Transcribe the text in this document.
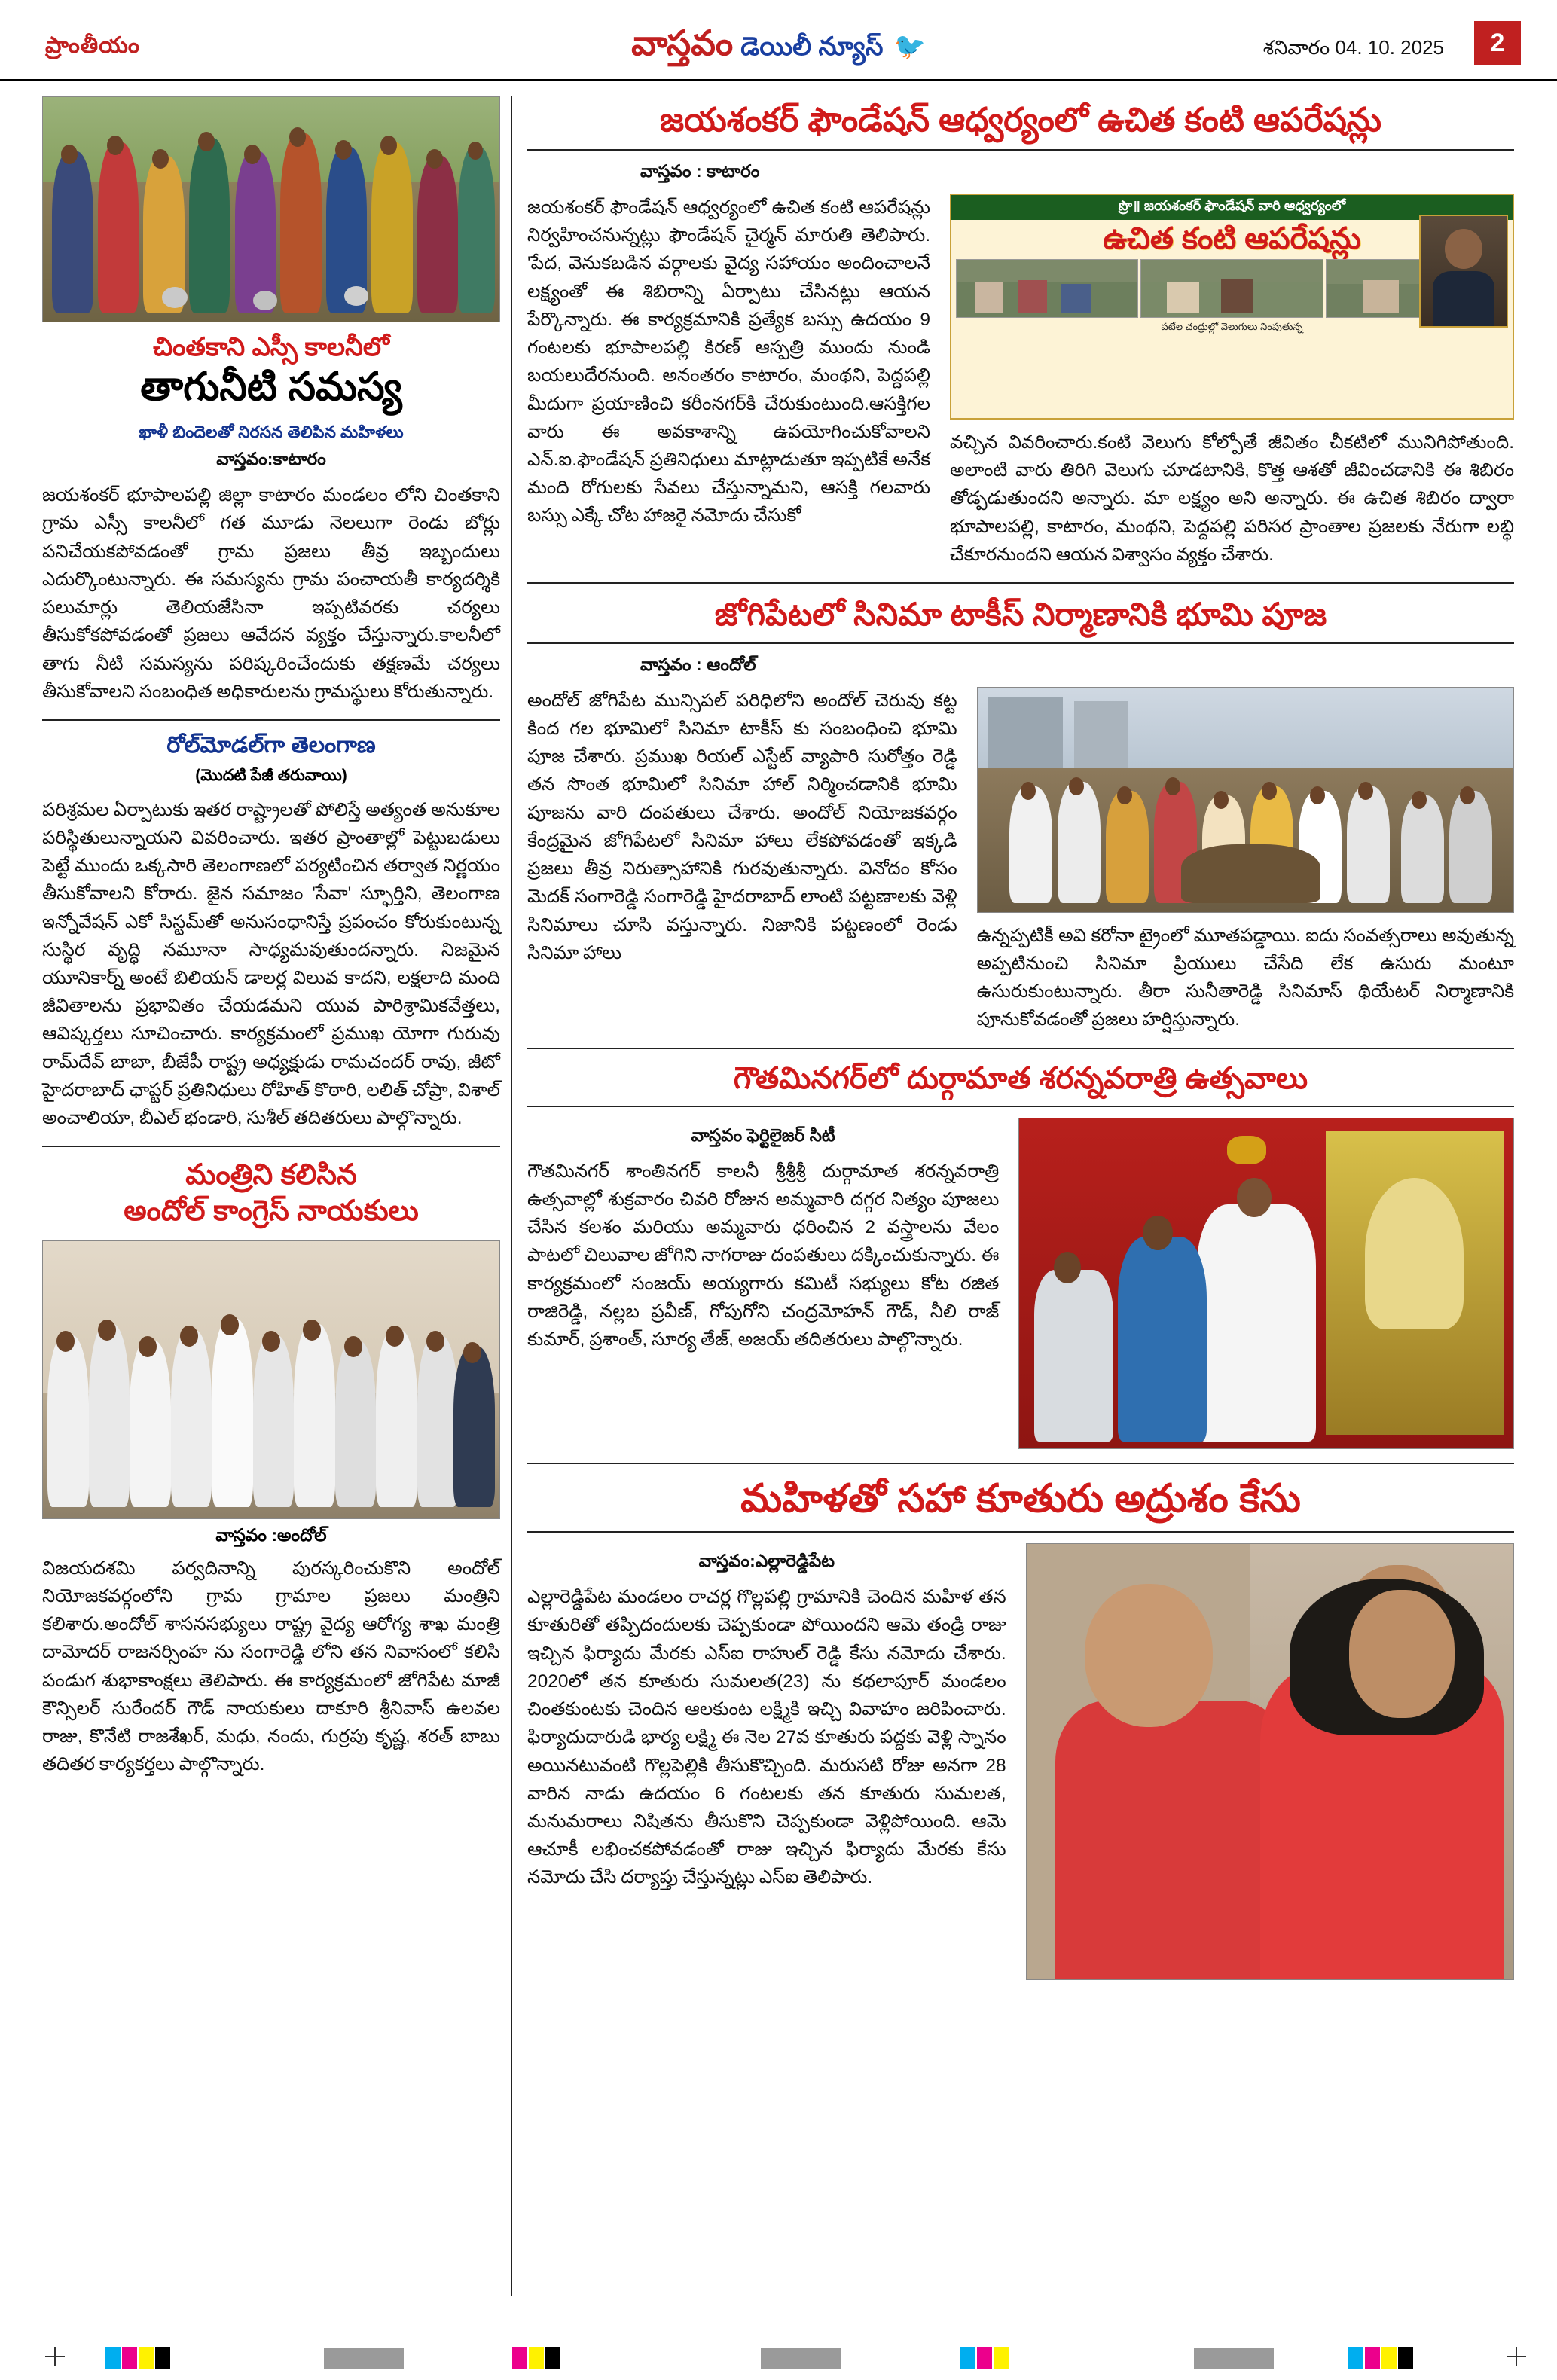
ప్రాంతీయం	వాస్తవం డెయిలీ న్యూస్ 🐦	శనివారం 04. 10. 2025	2
చింతకాని ఎస్సీ కాలనీలో
తాగునీటి సమస్య
ఖాళీ బిందెలతో నిరసన తెలిపిన మహిళలు
వాస్తవం:కాటారం
జయశంకర్ భూపాలపల్లి జిల్లా కాటారం మండలం లోని చింతకాని గ్రామ ఎస్సీ కాలనీలో గత మూడు నెలలుగా రెండు బోర్లు పనిచేయకపోవడంతో గ్రామ ప్రజలు తీవ్ర ఇబ్బందులు ఎదుర్కొంటున్నారు. ఈ సమస్యను గ్రామ పంచాయతీ కార్యదర్శికి పలుమార్లు తెలియజేసినా ఇప్పటివరకు చర్యలు తీసుకోకపోవడంతో ప్రజలు ఆవేదన వ్యక్తం చేస్తున్నారు.కాలనీలో తాగు నీటి సమస్యను పరిష్కరించేందుకు తక్షణమే చర్యలు తీసుకోవాలని సంబంధిత అధికారులను గ్రామస్థులు కోరుతున్నారు.
రోల్‌మోడల్‌గా తెలంగాణ
(మొదటి పేజీ తరువాయి)
పరిశ్రమల ఏర్పాటుకు ఇతర రాష్ట్రాలతో పోలిస్తే అత్యంత అనుకూల పరిస్థితులున్నాయని వివరించారు. ఇతర ప్రాంతాల్లో పెట్టుబడులు పెట్టే ముందు ఒక్కసారి తెలంగాణలో పర్యటించిన తర్వాత నిర్ణయం తీసుకోవాలని కోరారు. జైన సమాజం 'సేవా' స్ఫూర్తిని, తెలంగాణ ఇన్నోవేషన్ ఎకో సిస్టమ్‌తో అనుసంధానిస్తే ప్రపంచం కోరుకుంటున్న సుస్థిర వృద్ధి నమూనా సాధ్యమవుతుందన్నారు. నిజమైన యూనికార్న్ అంటే బిలియన్ డాలర్ల విలువ కాదని, లక్షలాది మంది జీవితాలను ప్రభావితం చేయడమని యువ పారిశ్రామికవేత్తలు, ఆవిష్కర్తలు సూచించారు. కార్యక్రమంలో ప్రముఖ యోగా గురువు రామ్‌దేవ్ బాబా, బీజేపీ రాష్ట్ర అధ్యక్షుడు రామచందర్ రావు, జీటో హైదరాబాద్ ఛాప్టర్ ప్రతినిధులు రోహిత్ కొఠారి, లలిత్ చోప్రా, విశాల్ అంచాలియా, బీఎల్ భండారి, సుశీల్ తదితరులు పాల్గొన్నారు.
మంత్రిని కలిసిన
అందోల్ కాంగ్రెస్ నాయకులు
వాస్తవం :అందోల్
విజయదశమి పర్వదినాన్ని పురస్కరించుకొని అందోల్ నియోజకవర్గంలోని గ్రామ గ్రామాల ప్రజలు మంత్రిని కలిశారు.అందోల్ శాసనసభ్యులు రాష్ట్ర వైద్య ఆరోగ్య శాఖ మంత్రి దామోదర్ రాజనర్సింహ ను సంగారెడ్డి లోని తన నివాసంలో కలిసి పండుగ శుభాకాంక్షలు తెలిపారు. ఈ కార్యక్రమంలో జోగిపేట మాజీ కౌన్సిలర్ సురేందర్ గౌడ్ నాయకులు దాకూరి శ్రీనివాస్ ఉలవల రాజు, కొనేటి రాజశేఖర్, మధు, నందు, గుర్రపు కృష్ణ, శరత్ బాబు తదితర కార్యకర్తలు పాల్గొన్నారు.
జయశంకర్ ఫౌండేషన్ ఆధ్వర్యంలో ఉచిత కంటి ఆపరేషన్లు
వాస్తవం : కాటారం
జయశంకర్ ఫౌండేషన్ ఆధ్వర్యంలో ఉచిత కంటి ఆపరేషన్లు నిర్వహించనున్నట్లు ఫౌండేషన్ చైర్మన్ మారుతి తెలిపారు. 'పేద, వెనుకబడిన వర్గాలకు వైద్య సహాయం అందించాలనే లక్ష్యంతో ఈ శిబిరాన్ని ఏర్పాటు చేసినట్లు ఆయన పేర్కొన్నారు. ఈ కార్యక్రమానికి ప్రత్యేక బస్సు ఉదయం 9 గంటలకు భూపాలపల్లి కిరణ్ ఆస్పత్రి ముందు నుండి బయలుదేరనుంది. అనంతరం కాటారం, మంథని, పెద్దపల్లి మీదుగా ప్రయాణించి కరీంనగర్‌కి చేరుకుంటుంది.ఆసక్తిగల వారు ఈ అవకాశాన్ని ఉపయోగించుకోవాలని ఎన్.ఐ.ఫౌండేషన్ ప్రతినిధులు మాట్లాడుతూ ఇప్పటికే అనేక మంది రోగులకు సేవలు చేస్తున్నామని, ఆసక్తి గలవారు బస్సు ఎక్కే చోట హాజరై నమోదు చేసుకో
ప్రొ॥ జయశంకర్ ఫౌండేషన్ వారి ఆధ్వర్యంలో
ఉచిత కంటి ఆపరేషన్లు
పటేల చంద్రుల్లో వెలుగులు నింపుతున్న
వచ్చిన వివరించారు.కంటి వెలుగు కోల్పోతే జీవితం చీకటిలో మునిగిపోతుంది. అలాంటి వారు తిరిగి వెలుగు చూడటానికి, కొత్త ఆశతో జీవించడానికి ఈ శిబిరం తోడ్పడుతుందని అన్నారు. మా లక్ష్యం అని అన్నారు. ఈ ఉచిత శిబిరం ద్వారా భూపాలపల్లి, కాటారం, మంథని, పెద్దపల్లి పరిసర ప్రాంతాల ప్రజలకు నేరుగా లబ్ధి చేకూరనుందని ఆయన విశ్వాసం వ్యక్తం చేశారు.
జోగిపేటలో సినిమా టాకీస్ నిర్మాణానికి భూమి పూజ
వాస్తవం : ఆందోల్
అందోల్ జోగిపేట మున్సిపల్ పరిధిలోని అందోల్ చెరువు కట్ట కింద గల భూమిలో సినిమా టాకీస్ కు సంబంధించి భూమి పూజ చేశారు. ప్రముఖ రియల్ ఎస్టేట్ వ్యాపారి సురోత్తం రెడ్డి తన సొంత భూమిలో సినిమా హాల్ నిర్మించడానికి భూమి పూజను వారి దంపతులు చేశారు. అందోల్ నియోజకవర్గం కేంద్రమైన జోగిపేటలో సినిమా హాలు లేకపోవడంతో ఇక్కడి ప్రజలు తీవ్ర నిరుత్సాహానికి గురవుతున్నారు. వినోదం కోసం మెదక్ సంగారెడ్డి సంగారెడ్డి హైదరాబాద్ లాంటి పట్టణాలకు వెళ్లి సినిమాలు చూసి వస్తున్నారు. నిజానికి పట్టణంలో రెండు సినిమా హాలు
ఉన్నప్పటికీ అవి కరోనా ట్రైంలో మూతపడ్డాయి. ఐదు సంవత్సరాలు అవుతున్న అప్పటినుంచి సినిమా ప్రియులు చేసేది లేక ఉసురు మంటూ ఉసురుకుంటున్నారు. తీరా సునీతారెడ్డి సినిమాస్ థియేటర్ నిర్మాణానికి పూనుకోవడంతో ప్రజలు హర్షిస్తున్నారు.
గౌతమినగర్‌లో దుర్గామాత శరన్నవరాత్రి ఉత్సవాలు
వాస్తవం ఫెర్టిలైజర్ సిటీ
గౌతమినగర్ శాంతినగర్ కాలనీ శ్రీశ్రీశ్రీ దుర్గామాత శరన్నవరాత్రి ఉత్సవాల్లో శుక్రవారం చివరి రోజున అమ్మవారి దగ్గర నిత్యం పూజలు చేసిన కలశం మరియు అమ్మవారు ధరించిన 2 వస్త్రాలను వేలం పాటలో చిలువాల జోగిని నాగరాజు దంపతులు దక్కించుకున్నారు. ఈ కార్యక్రమంలో సంజయ్ అయ్యగారు కమిటీ సభ్యులు కోట రజిత రాజిరెడ్డి, నల్లబ ప్రవీణ్, గోపుగోని చంద్రమోహన్ గౌడ్, నీలి రాజ్ కుమార్, ప్రశాంత్, సూర్య తేజ్, అజయ్ తదితరులు పాల్గొన్నారు.
మహిళతో సహా కూతురు అద్రుశం కేసు
వాస్తవం:ఎల్లారెడ్డిపేట
ఎల్లారెడ్డిపేట మండలం రాచర్ల గొల్లపల్లి గ్రామానికి చెందిన మహిళ తన కూతురితో తప్పిదందులకు చెప్పకుండా పోయిందని ఆమె తండ్రి రాజు ఇచ్చిన ఫిర్యాదు మేరకు ఎస్ఐ రాహుల్ రెడ్డి కేసు నమోదు చేశారు. 2020లో తన కూతురు సుమలత(23) ను కథలాపూర్ మండలం చింతకుంటకు చెందిన ఆలకుంట లక్ష్మికి ఇచ్చి వివాహం జరిపించారు. ఫిర్యాదుదారుడి భార్య లక్ష్మి ఈ నెల 27వ కూతురు పద్దకు వెళ్లి స్నానం అయినటువంటి గొల్లపెల్లికి తీసుకొచ్చింది. మరుసటి రోజు అనగా 28 వారిన నాడు ఉదయం 6 గంటలకు తన కూతురు సుమలత, మనుమరాలు నిషితను తీసుకొని చెప్పకుండా వెళ్లిపోయింది. ఆమె ఆచూకీ లభించకపోవడంతో రాజు ఇచ్చిన ఫిర్యాదు మేరకు కేసు నమోదు చేసి దర్యాప్తు చేస్తున్నట్లు ఎస్ఐ తెలిపారు.
